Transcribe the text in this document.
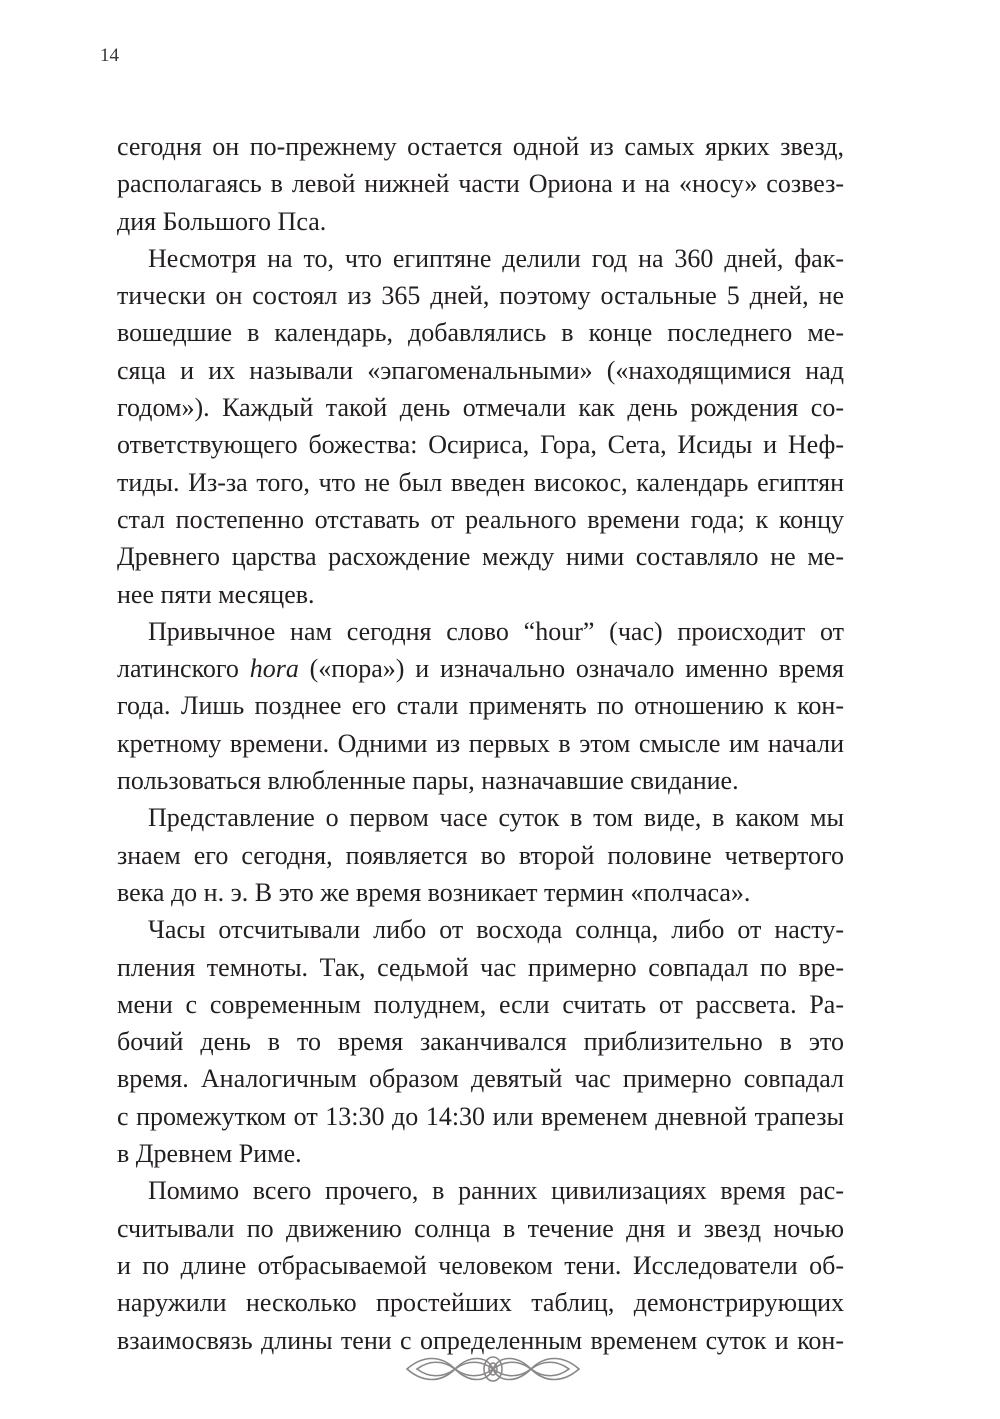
14

сегодня он по-прежнему остается одной из самых ярких звезд,
располагаясь в левой нижней части Ориона и на «носу» созвез-
дия Большого Пса.

Несмотря на то, что египтяне делили год на 360 дней, фак-
тически он состоял из 365 дней, поэтому остальные 5 дней, не
вошедшие в календарь, добавлялись в конце последнего ме-
сяца и их называли «эпагоменальными» («находящимися над
годом»). Каждый такой день отмечали как день рождения со-
ответствующего божества: Осириса, Гора, Сета, Исиды и Неф-
тиды. Из-за того, что не был введен високос, календарь египтян
стал постепенно отставать от реального времени года; к концу
Древнего царства расхождение между ними составляло не ме-
нее пяти месяцев.

Привычное нам сегодня слово “hour” (час) происходит от
латинского hora («пора») и изначально означало именно время
года. Лишь позднее его стали применять по отношению к кон-
кретному времени. Одними из первых в этом смысле им начали
пользоваться влюбленные пары, назначавшие свидание.

Представление о первом часе суток в том виде, в каком мы
знаем его сегодня, появляется во второй половине четвертого
века до н. э. В это же время возникает термин «полчаса».

Часы отсчитывали либо от восхода солнца, либо от насту-
пления темноты. Так, седьмой час примерно совпадал по вре-
мени с современным полуднем, если считать от рассвета. Ра-
бочий день в то время заканчивался приблизительно в это
время. Аналогичным образом девятый час примерно совпадал
с промежутком от 13:30 до 14:30 или временем дневной трапезы
в Древнем Риме.

Помимо всего прочего, в ранних цивилизациях время рас-
считывали по движению солнца в течение дня и звезд ночью
и по длине отбрасываемой человеком тени. Исследователи об-
наружили несколько простейших таблиц, демонстрирующих
взаимосвязь длины тени с определенным временем суток и кон-
